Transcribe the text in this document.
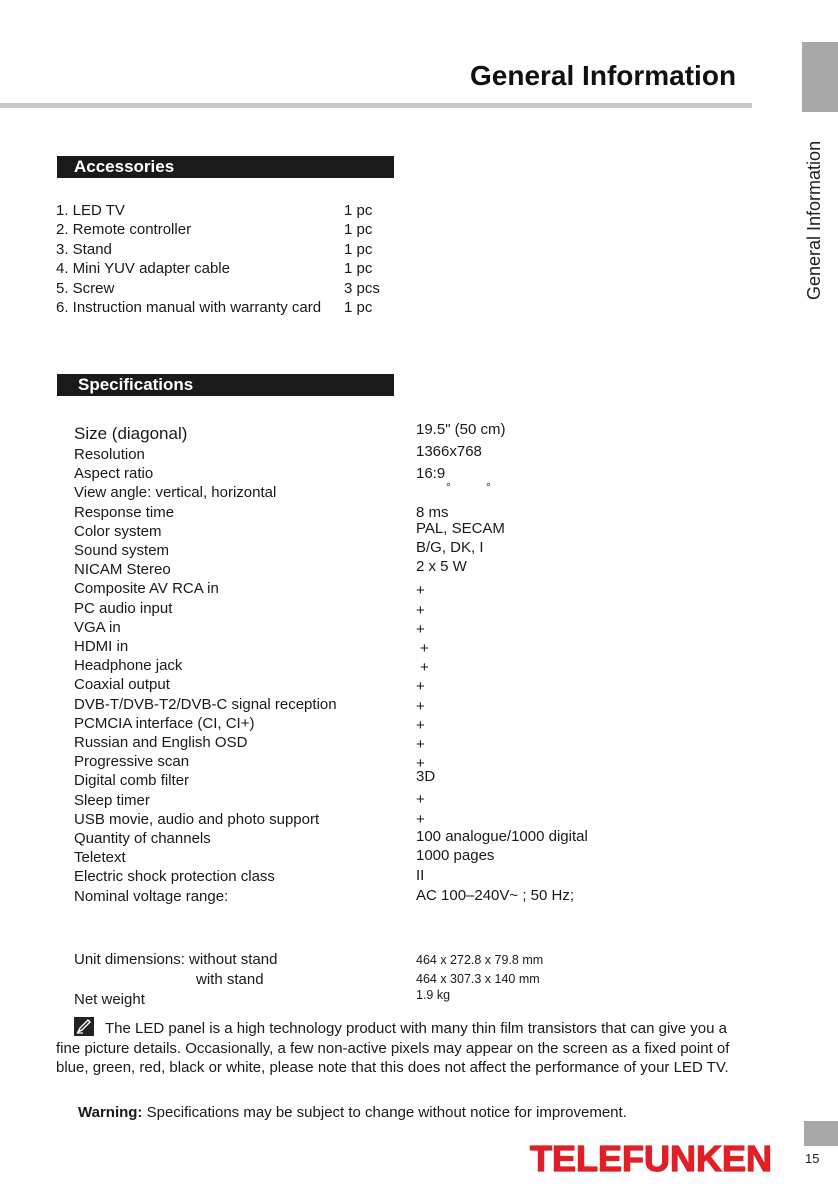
General Information
General Information
15
Accessories
1. LED TV	1 pc
2. Remote controller	1 pc
3. Stand	1 pc
4. Mini YUV adapter cable	1 pc
5. Screw	3 pcs
6. Instruction manual with warranty card 1 pc
Specifications
Size (diagonal)	19.5" (50 cm)
Resolution	1366x768
Aspect ratio	16:9
View angle: vertical, horizontal
Response time	8 ms
Color system	PAL, SECAM
Sound system	B/G, DK, I
NICAM Stereo	2 x 5 W
Composite AV RCA in	+
PC audio input	+
VGA in	+
HDMI in	+
Headphone jack	+
Coaxial output	+
DVB-T/DVB-T2/DVB-C signal reception	+
PCMCIA interface (CI, CI+)	+
Russian and English OSD	+
Progressive scan	+
Digital comb filter	3D
Sleep timer	+
USB movie, audio and photo support	+
Quantity of channels	100 analogue/1000 digital
Teletext	1000 pages
Electric shock protection class	II
Nominal voltage range:	AC 100–240V~ ; 50 Hz;
°	°
Unit dimensions: without stand	464 x 272.8 x 79.8 mm
with stand	464 x 307.3 x 140 mm
Net weight	1.9 kg
The LED panel is a high technology product with many thin film transistors that can give you a fine picture details. Occasionally, a few non-active pixels may appear on the screen as a fixed point of blue, green, red, black or white, please note that this does not affect the performance of your LED TV.
Warning: Specifications may be subject to change without notice for improvement.
TELEFUNKEN
